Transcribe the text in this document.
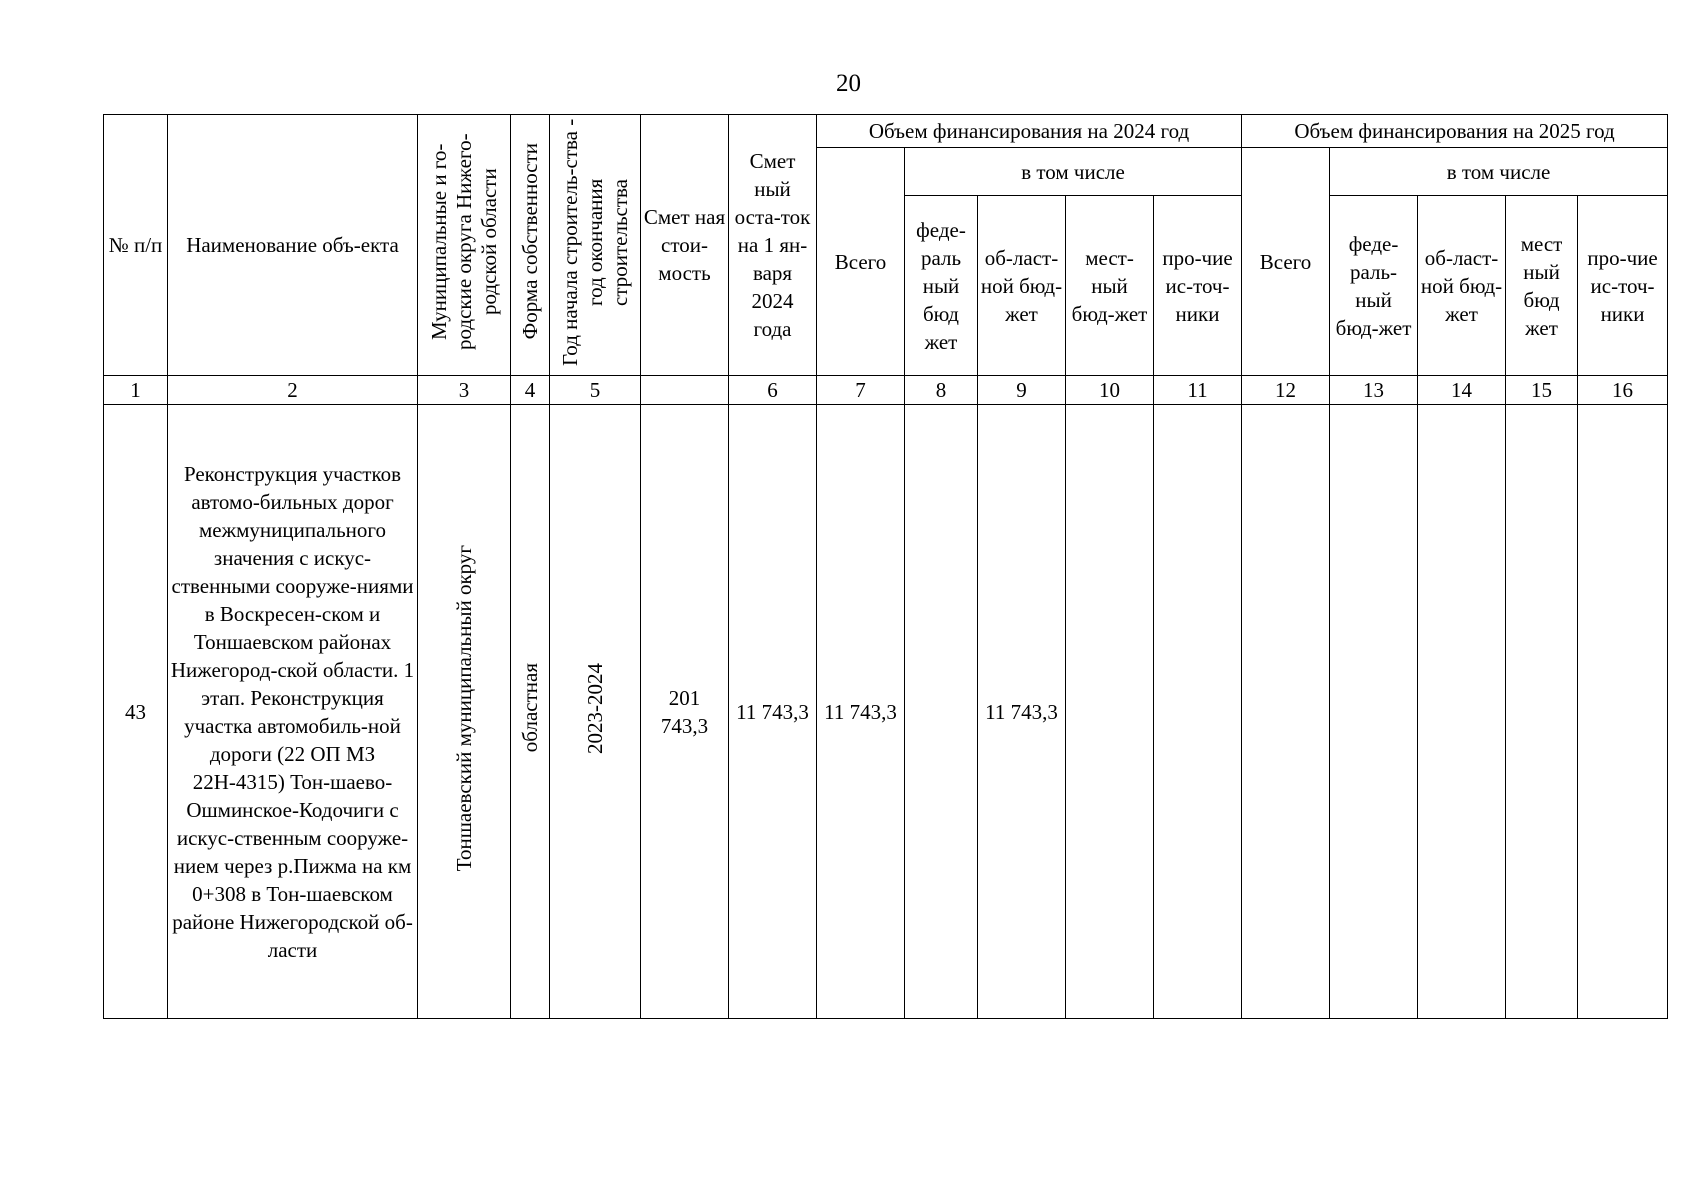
20
№ п/п	Наименование объ-екта	Муниципальные и го-родские округа Нижего-родской области	Форма собственности	Год начала строитель-ства - год окончания строительства	Смет ная стои-мость	Смет ный оста-ток на 1 ян-варя 2024 года	Объем финансирования на 2024 год					Объем финансирования на 2025 год				
							Всего	в том числе				Всего	в том числе			
								феде-раль ный бюд жет	об-ласт-ной бюд-жет	мест-ный бюд-жет	про-чие ис-точ-ники		феде-раль-ный бюд-жет	об-ласт-ной бюд-жет	мест ный бюд жет	про-чие ис-точ-ники
1	2	3	4	5		6	7	8	9	10	11	12	13	14	15	16
43	Реконструкция участков автомо-бильных дорог межмуниципального значения с искус-ственными сооруже-ниями в Воскресен-ском и Тоншаевском районах Нижегород-ской области. 1 этап. Реконструкция участка автомобиль-ной дороги (22 ОП МЗ 22Н-4315) Тон-шаево-Ошминское-Кодочиги с искус-ственным сооруже-нием через р.Пижма на км 0+308 в Тон-шаевском районе Нижегородской об-ласти	Тоншаевский муниципальный округ	областная	2023-2024	201 743,3	11 743,3	11 743,3		11 743,3							
